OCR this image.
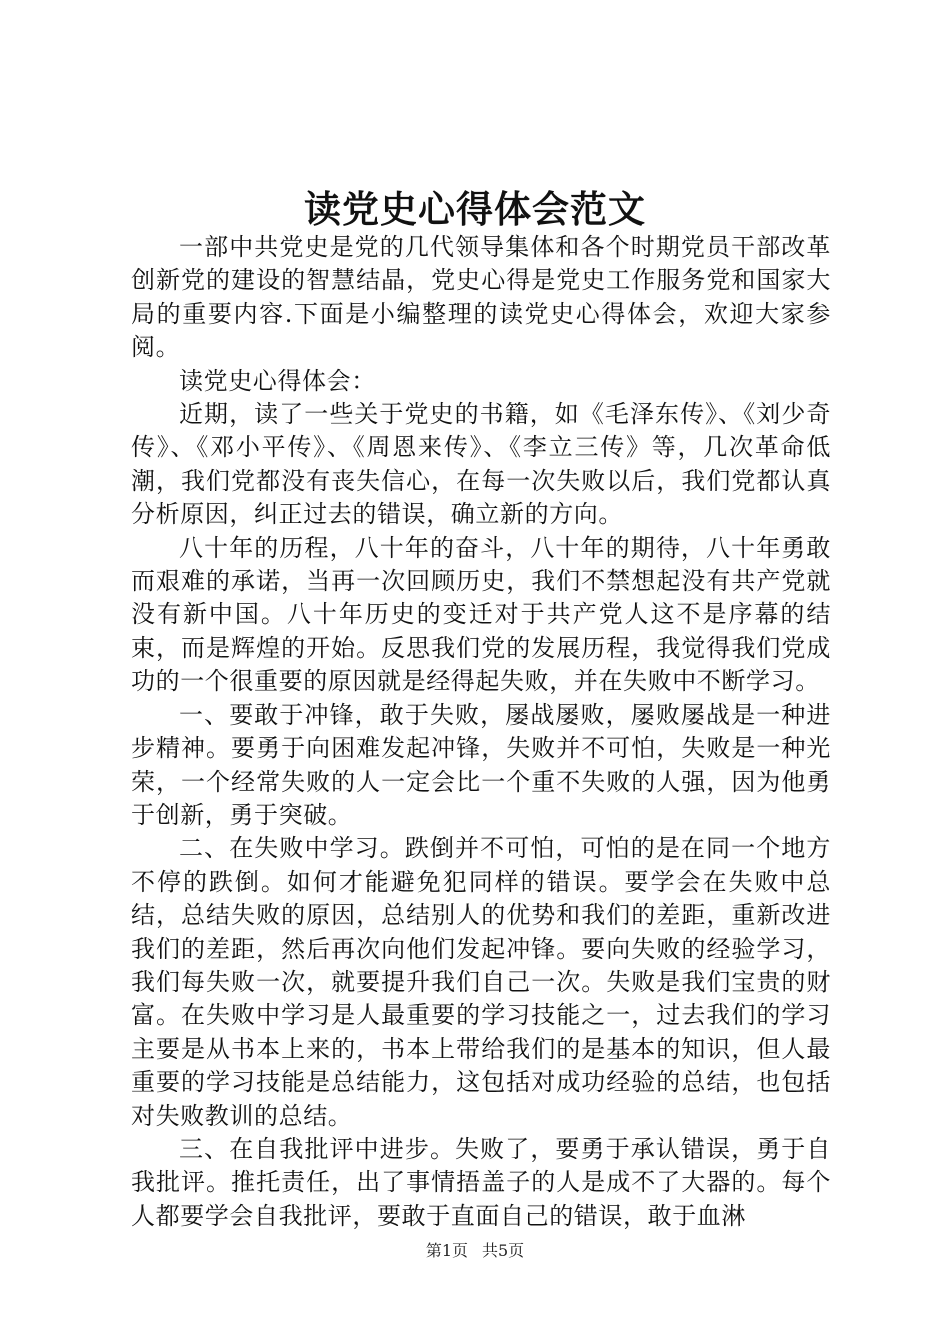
读党史心得体会范文

一部中共党史是党的几代领导集体和各个时期党员干部改革创新党的建设的智慧结晶，党史心得是党史工作服务党和国家大局的重要内容.下面是小编整理的读党史心得体会，欢迎大家参阅。

读党史心得体会：

近期，读了一些关于党史的书籍，如《毛泽东传》、《刘少奇传》、《邓小平传》、《周恩来传》、《李立三传》等，几次革命低潮，我们党都没有丧失信心，在每一次失败以后，我们党都认真分析原因，纠正过去的错误，确立新的方向。

八十年的历程，八十年的奋斗，八十年的期待，八十年勇敢而艰难的承诺，当再一次回顾历史，我们不禁想起没有共产党就没有新中国。八十年历史的变迁对于共产党人这不是序幕的结束，而是辉煌的开始。反思我们党的发展历程，我觉得我们党成功的一个很重要的原因就是经得起失败，并在失败中不断学习。

一、要敢于冲锋，敢于失败，屡战屡败，屡败屡战是一种进步精神。要勇于向困难发起冲锋，失败并不可怕，失败是一种光荣，一个经常失败的人一定会比一个重不失败的人强，因为他勇于创新，勇于突破。

二、在失败中学习。跌倒并不可怕，可怕的是在同一个地方不停的跌倒。如何才能避免犯同样的错误。要学会在失败中总结，总结失败的原因，总结别人的优势和我们的差距，重新改进我们的差距，然后再次向他们发起冲锋。要向失败的经验学习，我们每失败一次，就要提升我们自己一次。失败是我们宝贵的财富。在失败中学习是人最重要的学习技能之一，过去我们的学习主要是从书本上来的，书本上带给我们的是基本的知识，但人最重要的学习技能是总结能力，这包括对成功经验的总结，也包括对失败教训的总结。

三、在自我批评中进步。失败了，要勇于承认错误，勇于自我批评。推托责任，出了事情捂盖子的人是成不了大器的。每个人都要学会自我批评，要敢于直面自己的错误，敢于血淋

第1页 共5页
